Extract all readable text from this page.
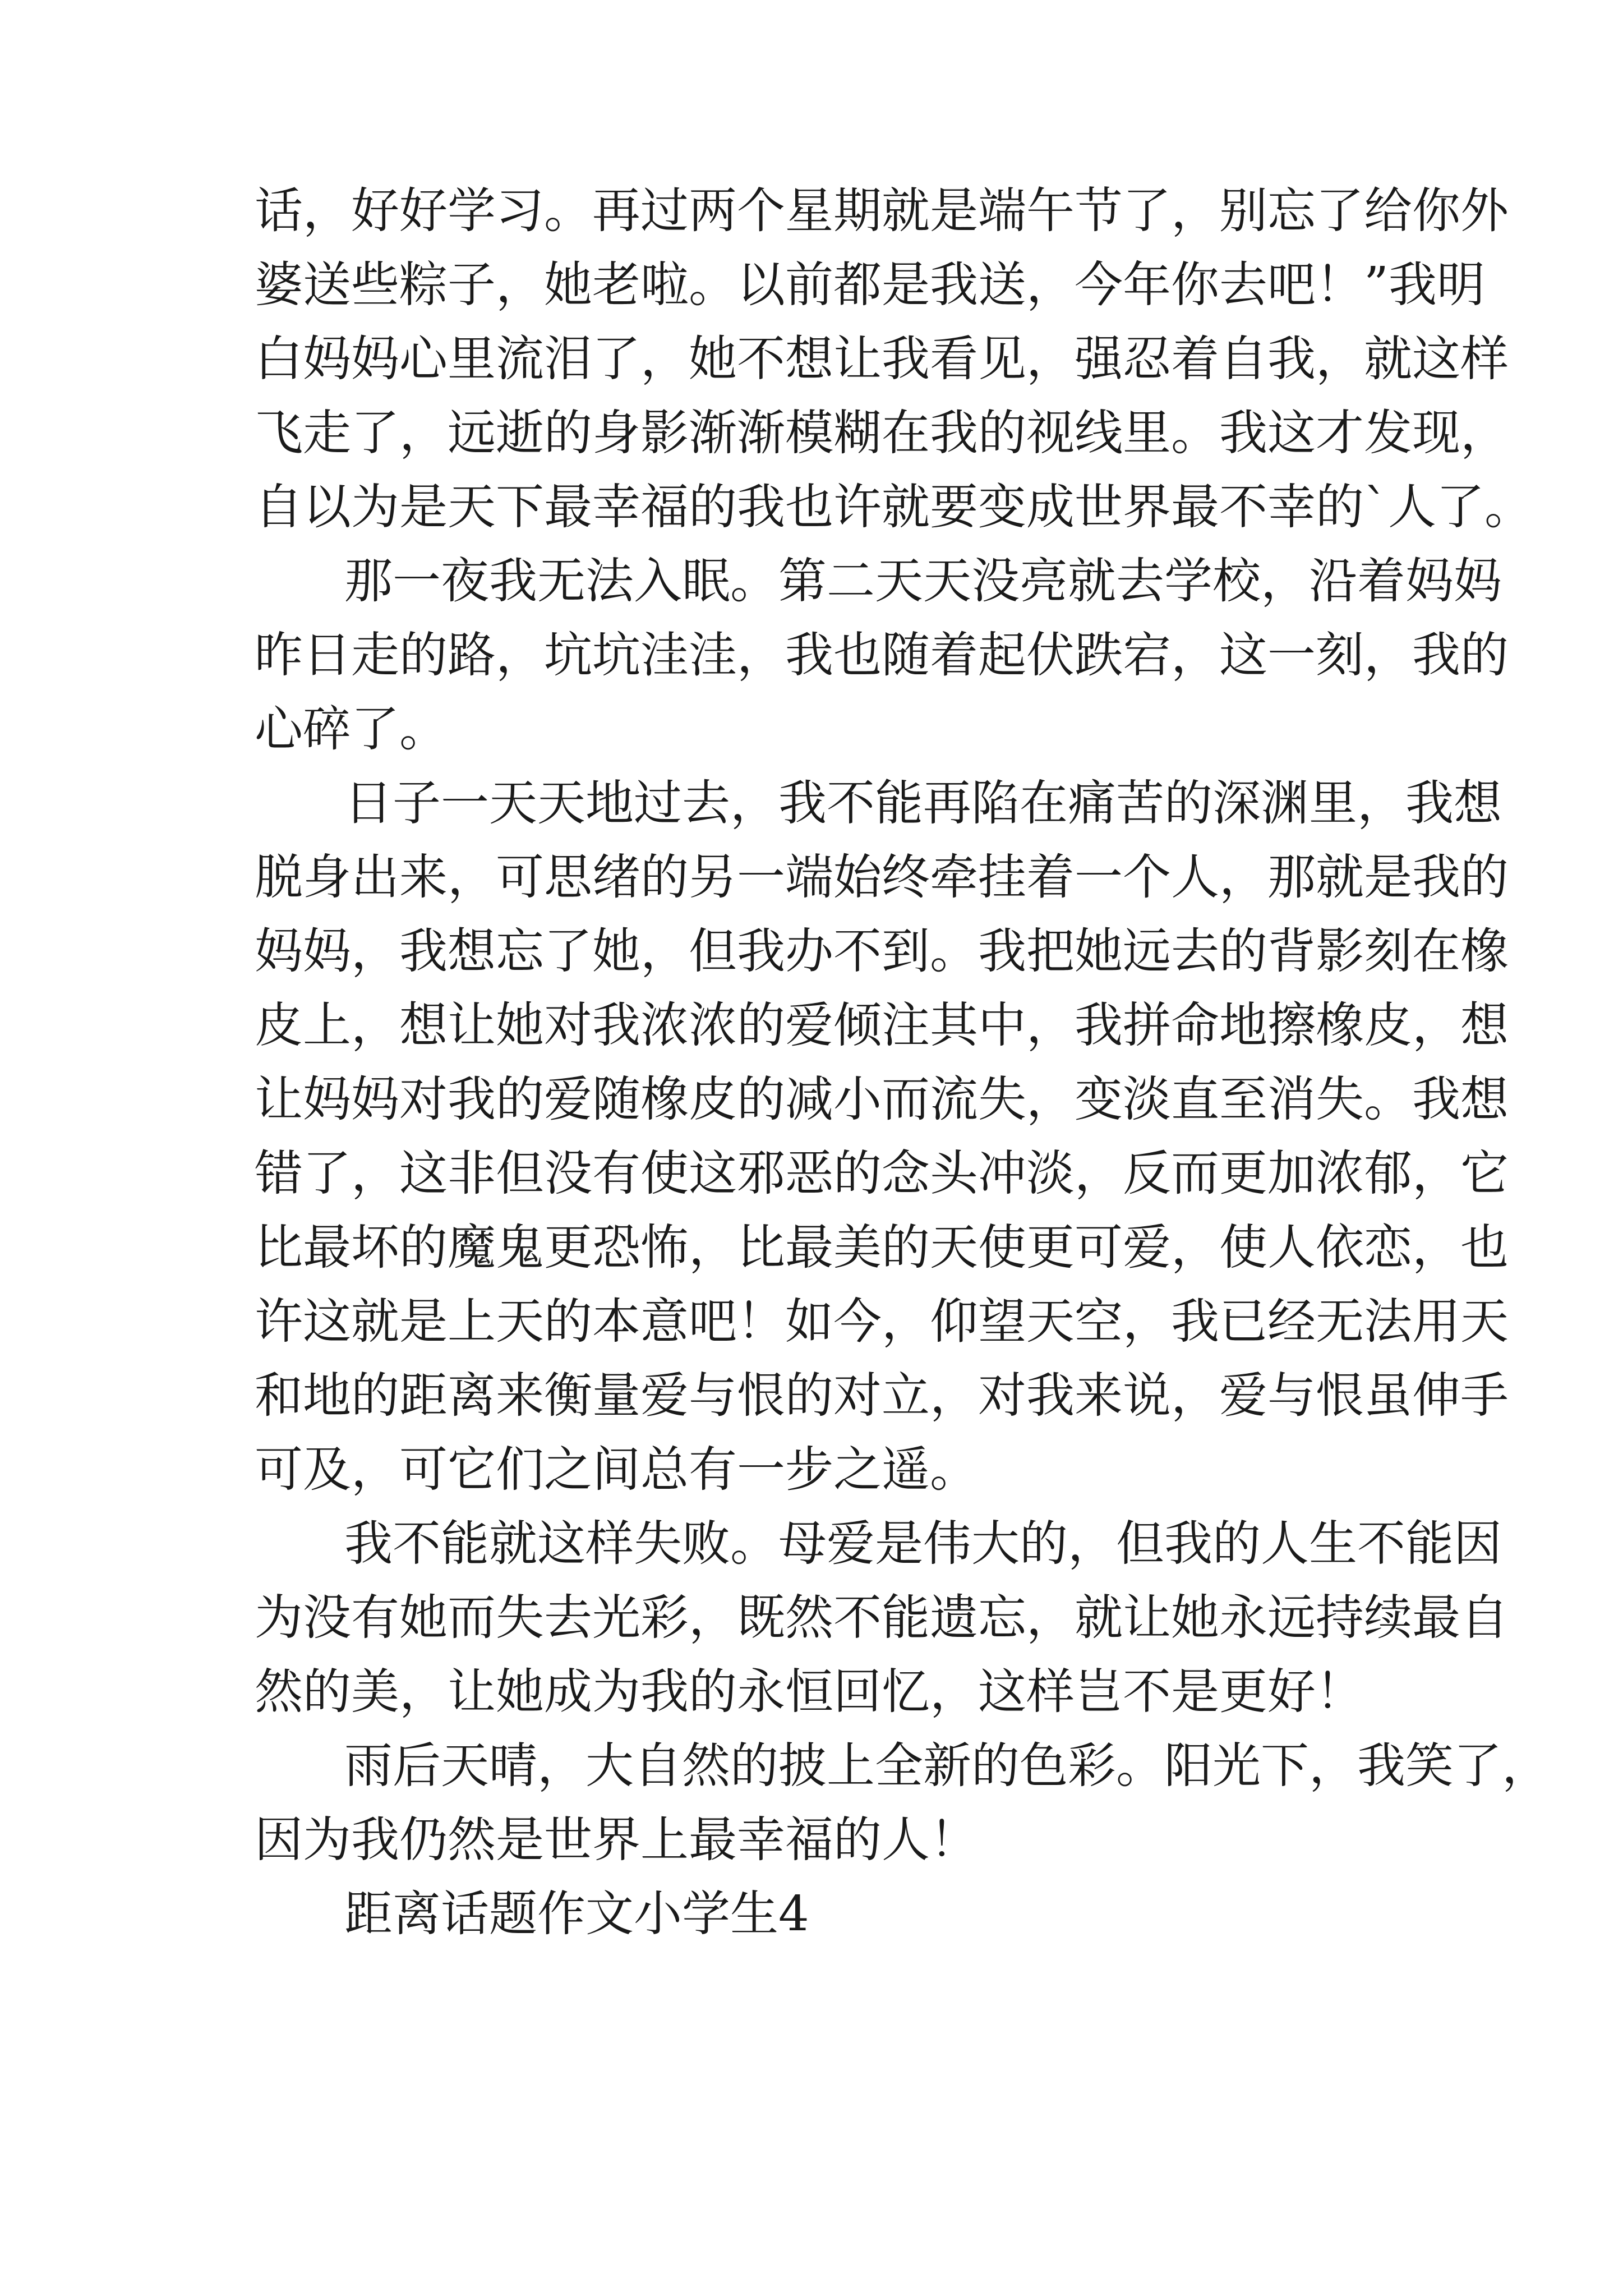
话，好好学习。再过两个星期就是端午节了，别忘了给你外
婆送些粽子，她老啦。以前都是我送，今年你去吧！”我明
白妈妈心里流泪了，她不想让我看见，强忍着自我，就这样
飞走了，远逝的身影渐渐模糊在我的视线里。我这才发现，
自以为是天下最幸福的我也许就要变成世界最不幸的`人了。
那一夜我无法入眠。第二天天没亮就去学校，沿着妈妈
昨日走的路，坑坑洼洼，我也随着起伏跌宕，这一刻，我的
心碎了。
日子一天天地过去，我不能再陷在痛苦的深渊里，我想
脱身出来，可思绪的另一端始终牵挂着一个人，那就是我的
妈妈，我想忘了她，但我办不到。我把她远去的背影刻在橡
皮上，想让她对我浓浓的爱倾注其中，我拼命地擦橡皮，想
让妈妈对我的爱随橡皮的减小而流失，变淡直至消失。我想
错了，这非但没有使这邪恶的念头冲淡，反而更加浓郁，它
比最坏的魔鬼更恐怖，比最美的天使更可爱，使人依恋，也
许这就是上天的本意吧！如今，仰望天空，我已经无法用天
和地的距离来衡量爱与恨的对立，对我来说，爱与恨虽伸手
可及，可它们之间总有一步之遥。
我不能就这样失败。母爱是伟大的，但我的人生不能因
为没有她而失去光彩，既然不能遗忘，就让她永远持续最自
然的美，让她成为我的永恒回忆，这样岂不是更好！
雨后天晴，大自然的披上全新的色彩。阳光下，我笑了，
因为我仍然是世界上最幸福的人！
距离话题作文小学生4
